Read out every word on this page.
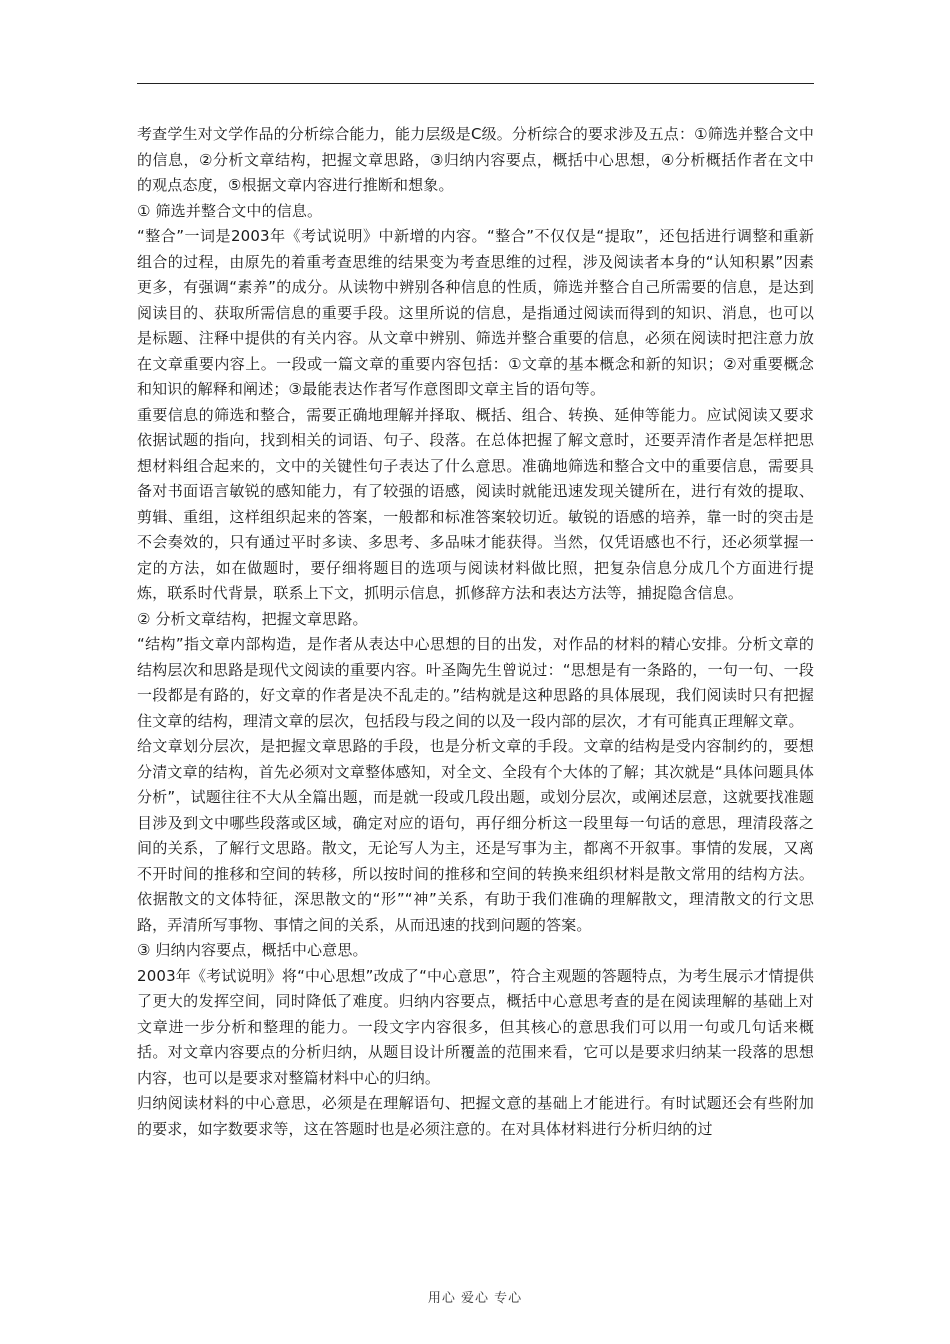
考查学生对文学作品的分析综合能力，能力层级是C级。分析综合的要求涉及五点：①筛选并整合文中的信息，②分析文章结构，把握文章思路，③归纳内容要点，概括中心思想，④分析概括作者在文中的观点态度，⑤根据文章内容进行推断和想象。

① 筛选并整合文中的信息。

“整合”一词是2003年《考试说明》中新增的内容。“整合”不仅仅是“提取”，还包括进行调整和重新组合的过程，由原先的着重考查思维的结果变为考查思维的过程，涉及阅读者本身的“认知积累”因素更多，有强调“素养”的成分。从读物中辨别各种信息的性质，筛选并整合自己所需要的信息，是达到阅读目的、获取所需信息的重要手段。这里所说的信息，是指通过阅读而得到的知识、消息，也可以是标题、注释中提供的有关内容。从文章中辨别、筛选并整合重要的信息，必须在阅读时把注意力放在文章重要内容上。一段或一篇文章的重要内容包括：①文章的基本概念和新的知识；②对重要概念和知识的解释和阐述；③最能表达作者写作意图即文章主旨的语句等。

重要信息的筛选和整合，需要正确地理解并择取、概括、组合、转换、延伸等能力。应试阅读又要求依据试题的指向，找到相关的词语、句子、段落。在总体把握了解文意时，还要弄清作者是怎样把思想材料组合起来的，文中的关键性句子表达了什么意思。准确地筛选和整合文中的重要信息，需要具备对书面语言敏锐的感知能力，有了较强的语感，阅读时就能迅速发现关键所在，进行有效的提取、剪辑、重组，这样组织起来的答案，一般都和标准答案较切近。敏锐的语感的培养，靠一时的突击是不会奏效的，只有通过平时多读、多思考、多品味才能获得。当然，仅凭语感也不行，还必须掌握一定的方法，如在做题时，要仔细将题目的选项与阅读材料做比照，把复杂信息分成几个方面进行提炼，联系时代背景，联系上下文，抓明示信息，抓修辞方法和表达方法等，捕捉隐含信息。

② 分析文章结构，把握文章思路。

“结构”指文章内部构造，是作者从表达中心思想的目的出发，对作品的材料的精心安排。分析文章的结构层次和思路是现代文阅读的重要内容。叶圣陶先生曾说过：“思想是有一条路的，一句一句、一段一段都是有路的，好文章的作者是决不乱走的。”结构就是这种思路的具体展现，我们阅读时只有把握住文章的结构，理清文章的层次，包括段与段之间的以及一段内部的层次，才有可能真正理解文章。

给文章划分层次，是把握文章思路的手段，也是分析文章的手段。文章的结构是受内容制约的，要想分清文章的结构，首先必须对文章整体感知，对全文、全段有个大体的了解；其次就是“具体问题具体分析”，试题往往不大从全篇出题，而是就一段或几段出题，或划分层次，或阐述层意，这就要找准题目涉及到文中哪些段落或区域，确定对应的语句，再仔细分析这一段里每一句话的意思，理清段落之间的关系，了解行文思路。散文，无论写人为主，还是写事为主，都离不开叙事。事情的发展，又离不开时间的推移和空间的转移，所以按时间的推移和空间的转换来组织材料是散文常用的结构方法。依据散文的文体特征，深思散文的“形”“神”关系，有助于我们准确的理解散文，理清散文的行文思路，弄清所写事物、事情之间的关系，从而迅速的找到问题的答案。

③ 归纳内容要点，概括中心意思。

2003年《考试说明》将“中心思想”改成了“中心意思”，符合主观题的答题特点，为考生展示才情提供了更大的发挥空间，同时降低了难度。归纳内容要点，概括中心意思考查的是在阅读理解的基础上对文章进一步分析和整理的能力。一段文字内容很多，但其核心的意思我们可以用一句或几句话来概括。对文章内容要点的分析归纳，从题目设计所覆盖的范围来看，它可以是要求归纳某一段落的思想内容，也可以是要求对整篇材料中心的归纳。

归纳阅读材料的中心意思，必须是在理解语句、把握文意的基础上才能进行。有时试题还会有些附加的要求，如字数要求等，这在答题时也是必须注意的。在对具体材料进行分析归纳的过

用心 爱心 专心
